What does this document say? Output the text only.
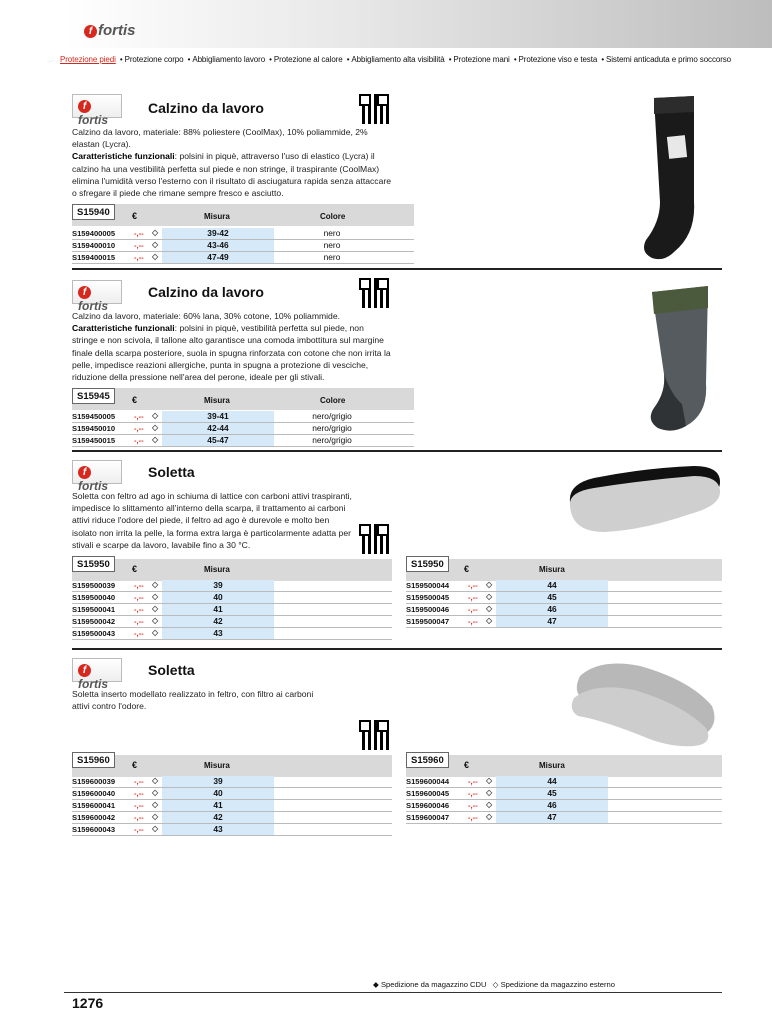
f fortis
Protezione piedi • Protezione corpo • Abbigliamento lavoro • Protezione al calore • Abbigliamento alta visibilità • Protezione mani • Protezione viso e testa • Sistemi anticaduta e primo soccorso
ffortis
Calzino da lavoro
Calzino da lavoro, materiale: 88% poliestere (CoolMax), 10% poliammide, 2% elastan (Lycra).
Caratteristiche funzionali: polsini in piquè, attraverso l'uso di elastico (Lycra) il calzino ha una vestibilità perfetta sul piede e non stringe, il traspirante (CoolMax) elimina l'umidità verso l'esterno con il risultato di asciugatura rapida senza attaccare o sfregare il piede che rimane sempre fresco e asciutto.
S15940	€	Misura	Colore
S159400005 -,-- ◇	39-42	nero
S159400010 -,-- ◇	43-46	nero
S159400015 -,-- ◇	47-49	nero
ffortis
Calzino da lavoro
Calzino da lavoro, materiale: 60% lana, 30% cotone, 10% poliammide.
Caratteristiche funzionali: polsini in piquè, vestibilità perfetta sul piede, non stringe e non scivola, il tallone alto garantisce una comoda imbottitura sul margine finale della scarpa posteriore, suola in spugna rinforzata con cotone che non irrita la pelle, impedisce reazioni allergiche, punta in spugna a protezione di vesciche, riduzione della pressione nell'area del perone, ideale per gli stivali.
S15945	€	Misura	Colore
S159450005 -,-- ◇	39-41	nero/grigio
S159450010 -,-- ◇	42-44	nero/grigio
S159450015 -,-- ◇	45-47	nero/grigio
ffortis
Soletta
Soletta con feltro ad ago in schiuma di lattice con carboni attivi traspiranti, impedisce lo slittamento all'interno della scarpa, il trattamento ai carboni attivi riduce l'odore del piede, il feltro ad ago è durevole e molto ben isolato non irrita la pelle, la forma extra larga è particolarmente adatta per stivali e scarpe da lavoro, lavabile fino a 30 °C.
S15950	€	Misura	S15950	€	Misura
S159500039 -,-- ◇	39
S159500040 -,-- ◇	40
S159500041 -,-- ◇	41
S159500042 -,-- ◇	42
S159500043 -,-- ◇	43
S159500044 -,-- ◇	44
S159500045 -,-- ◇	45
S159500046 -,-- ◇	46
S159500047 -,-- ◇	47
ffortis
Soletta
Soletta inserto modellato realizzato in feltro, con filtro ai carboni attivi contro l'odore.
S15960	€	Misura	S15960	€	Misura
S159600039 -,-- ◇	39
S159600040 -,-- ◇	40
S159600041 -,-- ◇	41
S159600042 -,-- ◇	42
S159600043 -,-- ◇	43
S159600044 -,-- ◇	44
S159600045 -,-- ◇	45
S159600046 -,-- ◇	46
S159600047 -,-- ◇	47
◆ Spedizione da magazzino CDU ◇ Spedizione da magazzino esterno
1276
